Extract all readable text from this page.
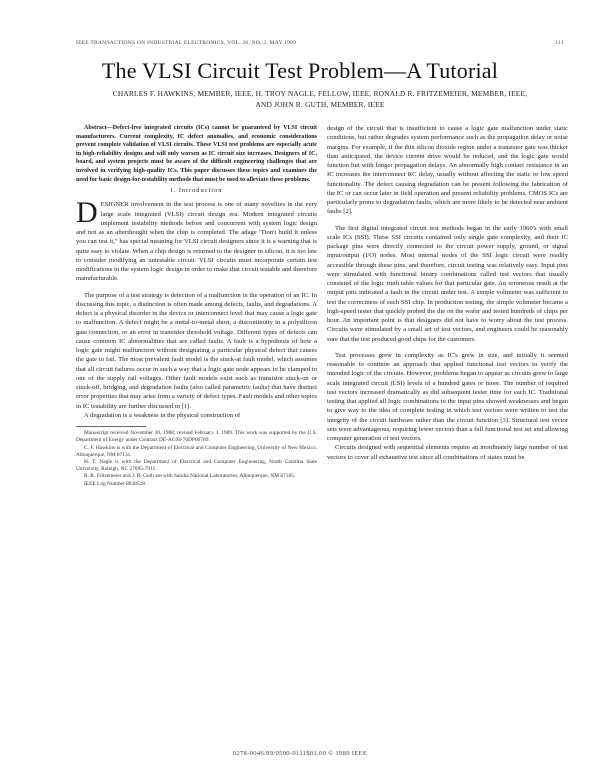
IEEE TRANSACTIONS ON INDUSTRIAL ELECTRONICS, VOL. 36, NO. 2, MAY 1989	111
The VLSI Circuit Test Problem—A Tutorial
CHARLES F. HAWKINS, MEMBER, IEEE, H. TROY NAGLE, FELLOW, IEEE, RONALD R. FRITZEMEIER, MEMBER, IEEE,
AND JOHN R. GUTH, MEMBER, IEEE

Abstract—Defect-free integrated circuits (ICs) cannot be guaranteed by VLSI circuit manufacturers. Current complexity, IC defect anomalies, and economic considerations prevent complete validation of VLSI circuits. These VLSI test problems are especially acute in high-reliability designs and will only worsen as IC circuit size increases. Designers of IC, board, and system projects must be aware of the difficult engineering challenges that are involved in verifying high-quality ICs. This paper discusses these topics and examines the need for basic design-for-testability methods that must be used to alleviate these problems.

I. Introduction

DESIGNER involvement in the test process is one of many novelties in the very large scale integrated (VLSI) circuit design era. Modern integrated circuits implement testability methods before and concurrent with system logic design and not as an afterthought when the chip is completed. The adage "Don't build it unless you can test it," has special meaning for VLSI circuit designers since it is a warning that is quite easy to violate. When a chip design is returned to the designer in silicon, it is too late to consider modifying an untestable circuit. VLSI circuits must incorporate certain test modifications in the system logic design in order to make that circuit testable and therefore manufacturable.

The purpose of a test strategy is detection of a malfunction in the operation of an IC. In discussing this topic, a distinction is often made among defects, faults, and degradations. A defect is a physical disorder in the device or interconnect level that may cause a logic gate to malfunction. A defect might be a metal-to-metal short, a discontinuity in a polysilicon gate connection, or an error in transistor threshold voltage. Different types of defects can cause common IC abnormalities that are called faults. A fault is a hypothesis of how a logic gate might malfunction without designating a particular physical defect that causes the gate to fail. The most prevalent fault model is the stuck-at fault model, which assumes that all circuit failures occur in such a way that a logic gate node appears to be clamped to one of the supply rail voltages. Other fault models exist such as transistor stuck-on or stuck-off, bridging, and degradation faults (also called parametric faults) that have distinct error properties that may arise from a variety of defect types. Fault models and other topics in IC testability are further discussed in [1].

A degradation is a weakness in the physical construction of

Manuscript received November 30, 1988; revised February 3, 1989. This work was supported by the U.S. Department of Energy under Contract DE-AC04-76DP00789.

C. F. Hawkins is with the Department of Electrical and Computer Engineering, University of New Mexico, Albuquerque, NM 87131.

H. T. Nagle is with the Department of Electrical and Computer Engineering, North Carolina State University, Raleigh, NC 27695-7911.

R. R. Fritzemeier and J. R. Guth are with Sandia National Laboratories, Albuquerque, NM 87185.

IEEE Log Number 8928528.

design of the circuit that is insufficient to cause a logic gate malfunction under static conditions, but rather degrades system performance such as the propagation delay or noise margins. For example, if the thin silicon dioxide region under a transistor gate was thicker than anticipated, the device current drive would be reduced, and the logic gate would function but with longer propagation delays. An abnormally high contact resistance in an IC increases the interconnect RC delay, usually without affecting the static or low speed functionality. The defect causing degradation can be present following the fabrication of the IC or can occur later in field operation and present reliability problems. CMOS ICs are particularly prone to degradation faults, which are more likely to be detected near ambient faults [2].

The first digital integrated circuit test methods began in the early 1960's with small scale ICs (SSI). These SSI circuits contained only single gate complexity, and their IC package pins were directly connected to the circuit power supply, ground, or signal input/output (I/O) nodes. Most internal nodes of the SSI logic circuit were readily accessible through these pins, and therefore, circuit testing was relatively easy. Input pins were stimulated with functional binary combinations called test vectors that usually consisted of the logic truth table values for that particular gate. An erroneous result at the output pins indicated a fault in the circuit under test. A simple voltmeter was sufficient to test the correctness of each SSI chip. In production testing, the simple voltmeter became a high-speed tester that quickly probed the die on the wafer and tested hundreds of chips per hour. An important point is that designers did not have to worry about the test process. Circuits were stimulated by a small set of test vectors, and engineers could be reasonably sure that the test produced good chips for the customers.

Test processes grew in complexity as IC's grew in size, and initially it seemed reasonable to continue an approach that applied functional test vectors to verify the intended logic of the circuits. However, problems began to appear as circuits grew to large scale integrated circuit (LSI) levels of a hundred gates or more. The number of required test vectors increased dramatically as did subsequent tester time for each IC. Traditional testing that applied all logic combinations to the input pins showed weaknesses and began to give way to the idea of complete testing in which test vectors were written to test the integrity of the circuit hardware rather than the circuit function [3]. Structural test vector sets were advantageous, requiring fewer vectors than a full functional test set and allowing computer generation of test vectors.

Circuits designed with sequential elements require an inordinately large number of test vectors to cover all exhaustive test since all combinations of states must be

0278-0046/89/0500-0111$01.00 © 1989 IEEE
